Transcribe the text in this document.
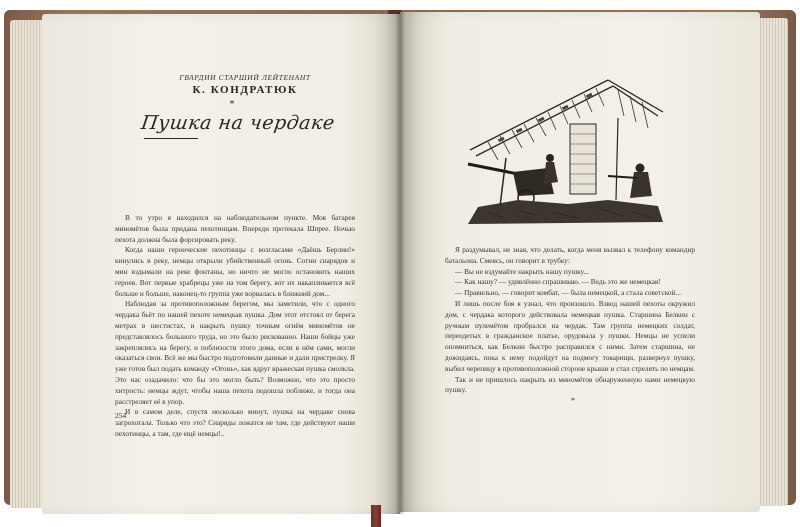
ГВАРДИИ СТАРШИЙ ЛЕЙТЕНАНТ
К. КОНДРАТЮК
*
Пушка на чердаке

В то утро я находился на наблюдательном пункте. Моя батарея миномётов была придана пехотинцам. Впереди протекала Шпрее. Ночью пехота должна была форсировать реку.

Когда наши героические пехотинцы с возгласами «Даёшь Берлин!» кинулись в реку, немцы открыли убийственный огонь. Сотни снарядов и мин вздымали на реке фонтаны, но ничто не могло остановить наших героев. Вот первые храбрецы уже на том берегу, вот их накапливается всё больше и больше, наконец-то группа уже ворвалась в ближний дом...

Наблюдая за противоположным берегом, мы заметили, что с одного чердака бьёт по нашей пехоте немецкая пушка. Дом этот отстоял от берега метрах в шестистах, и накрыть пушку точным огнём миномётов не представлялось большого труда, но это было рискованно. Наши бойцы уже закреплялись на берегу, и поблизости этого дома, если в нём сами, могли оказаться свои. Всё же мы быстро подготовили данные и дали пристрелку. Я уже готов был подать команду «Огонь», как вдруг вражеская пушка смолкла. Это нас озадачило: что бы это могло быть? Возможно, что это просто хитрость: немцы ждут, чтобы наша пехота подошла поближе, и тогда она расстреляет её в упор.

И в самом деле, спустя несколько минут, пушка на чердаке снова загрохотала. Только что это? Снаряды ложатся не там, где действуют наши пехотинцы, а там, где ещё немцы!..

254

Я раздумывал, не зная, что делать, когда меня вызвал к телефону командир батальона. Смеясь, он говорит в трубку:

— Вы не вздумайте накрыть нашу пушку...

— Как нашу? — удивлённо спрашиваю. — Ведь это же немецкая!

— Правильно, — говорит комбат, — была немецкой, а стала советской...

И лишь после боя я узнал, что произошло. Взвод нашей пехоты окружил дом, с чердака которого действовала немецкая пушка. Старшина Белкин с ручным пулемётом пробрался на чердак. Там группа немецких солдат, переодетых в гражданское платье, орудовала у пушки. Немцы не успели опомниться, как Белкин быстро расправился с ними. Затем старшина, не дожидаясь, пока к нему подойдут на подмогу товарищи, развернул пушку, выбил черепицу в противоположной стороне крыши и стал стрелять по немцам.

Так и не пришлось накрыть из миномётов обнаруженную нами немецкую пушку.

*
